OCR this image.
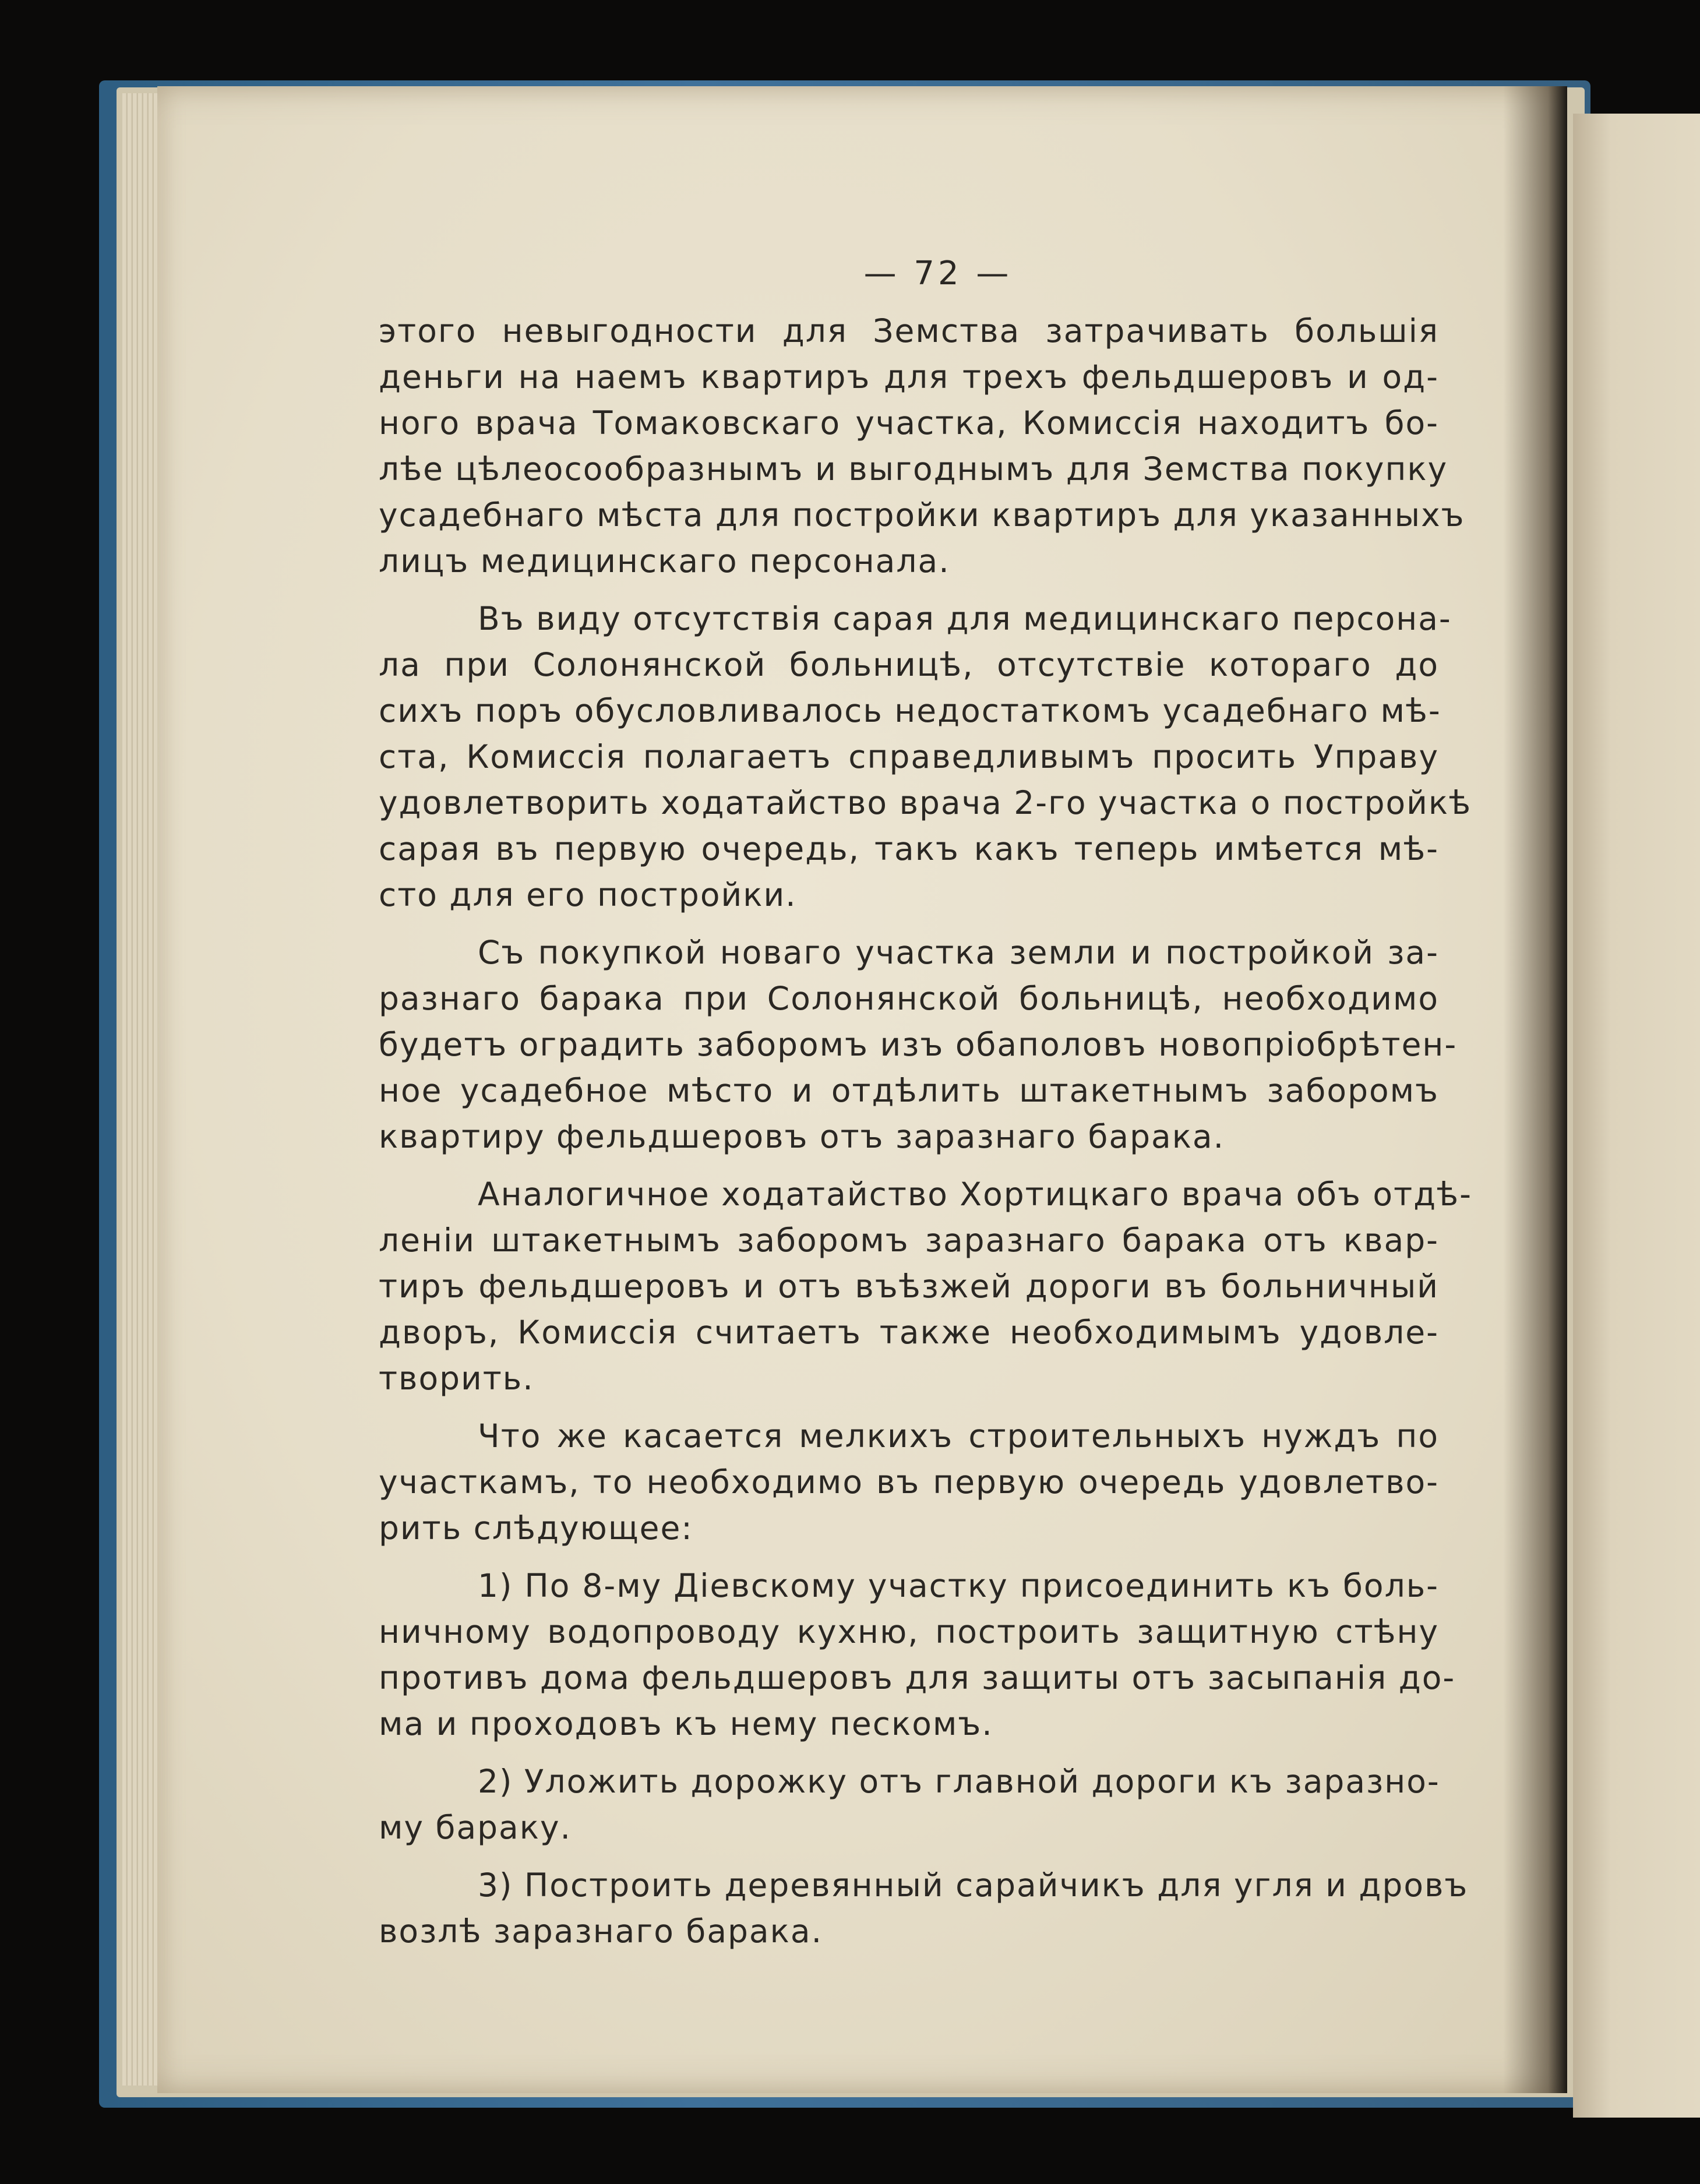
— 72 —

этого невыгодности для Земства затрачивать большiя
деньги на наемъ квартиръ для трехъ фельдшеровъ и од-
ного врача Томаковскаго участка, Комиссiя находитъ бо-
лѣе цѣлеосообразнымъ и выгоднымъ для Земства покупку
усадебнаго мѣста для постройки квартиръ для указанныхъ
лицъ медицинскаго персонала.

Въ виду отсутствiя сарая для медицинскаго персона-
ла при Солонянской больницѣ, отсутствiе котораго до
сихъ поръ обусловливалось недостаткомъ усадебнаго мѣ-
ста, Комиссiя полагаетъ справедливымъ просить Управу
удовлетворить ходатайство врача 2-го участка о постройкѣ
сарая въ первую очередь, такъ какъ теперь имѣется мѣ-
сто для его постройки.

Съ покупкой новаго участка земли и постройкой за-
разнаго барака при Солонянской больницѣ, необходимо
будетъ оградить заборомъ изъ обаполовъ новопрiобрѣтен-
ное усадебное мѣсто и отдѣлить штакетнымъ заборомъ
квартиру фельдшеровъ отъ заразнаго барака.

Аналогичное ходатайство Хортицкаго врача объ отдѣ-
ленiи штакетнымъ заборомъ заразнаго барака отъ квар-
тиръ фельдшеровъ и отъ въѣзжей дороги въ больничный
дворъ, Комиссiя считаетъ также необходимымъ удовле-
творить.

Что же касается мелкихъ строительныхъ нуждъ по
участкамъ, то необходимо въ первую очередь удовлетво-
рить слѣдующее:

1) По 8-му Дiевскому участку присоединить къ боль-
ничному водопроводу кухню, построить защитную стѣну
противъ дома фельдшеровъ для защиты отъ засыпанiя до-
ма и проходовъ къ нему пескомъ.

2) Уложить дорожку отъ главной дороги къ заразно-
му бараку.

3) Построить деревянный сарайчикъ для угля и дровъ
возлѣ заразнаго барака.
